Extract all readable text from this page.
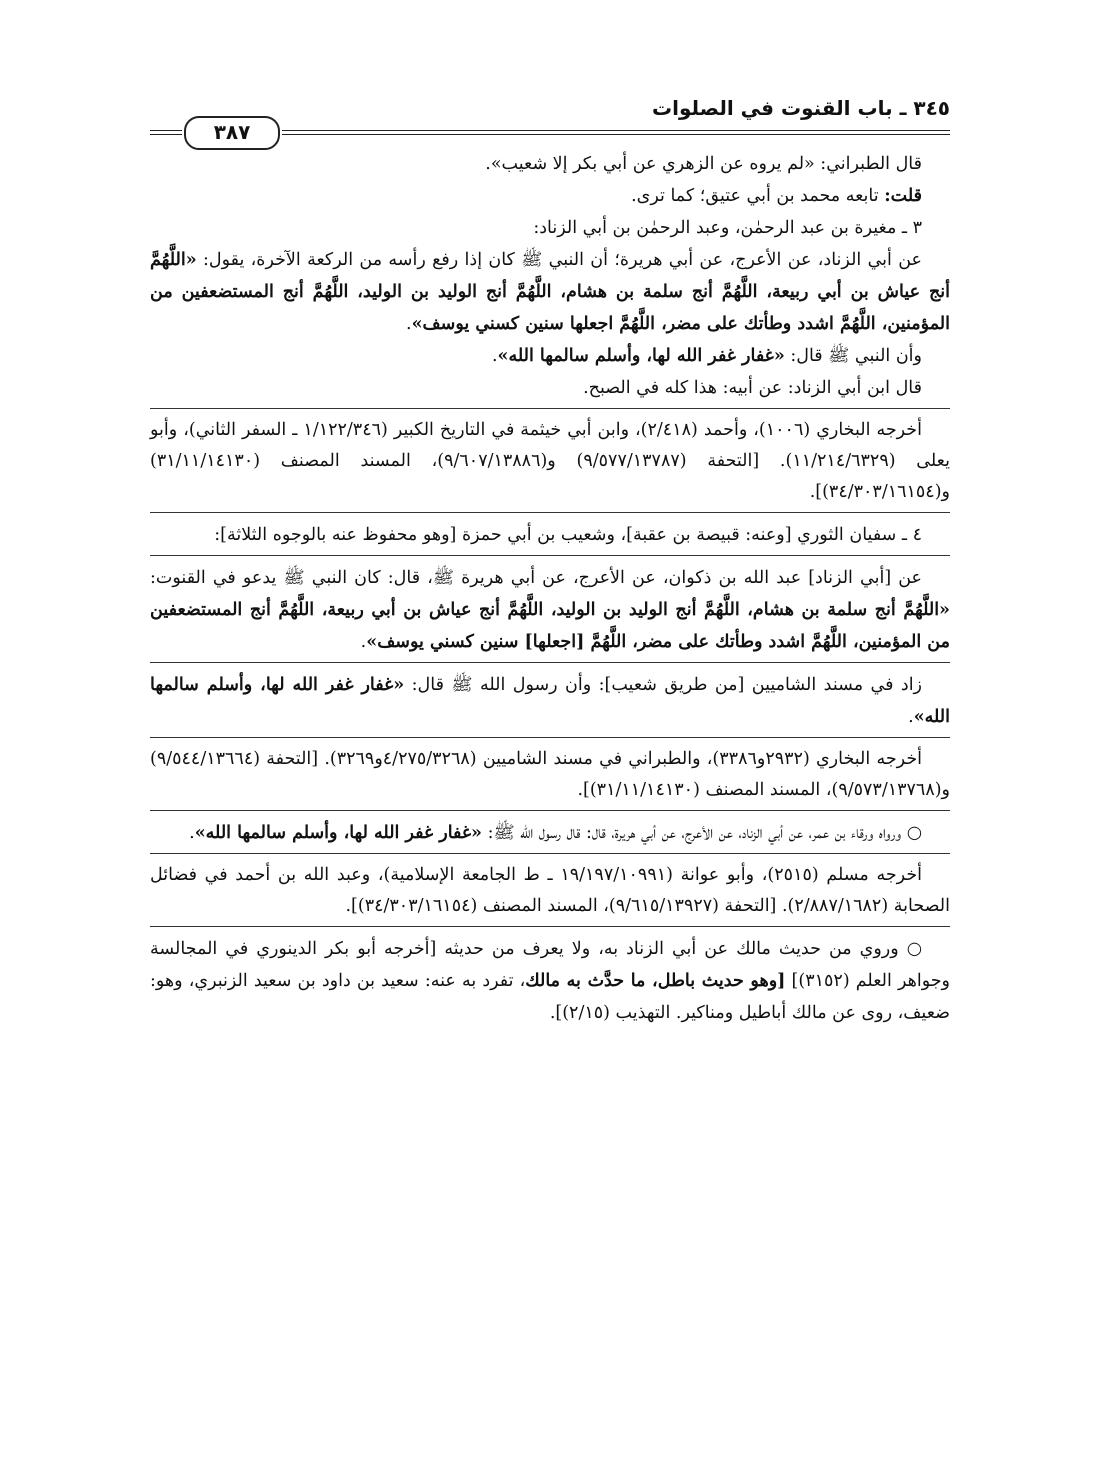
٣٤٥ ـ باب القنوت في الصلوات
٣٨٧

قال الطبراني: «لم يروه عن الزهري عن أبي بكر إلا شعيب».

قلت: تابعه محمد بن أبي عتيق؛ كما ترى.

٣ ـ مغيرة بن عبد الرحمٰن، وعبد الرحمٰن بن أبي الزناد:

عن أبي الزناد، عن الأعرج، عن أبي هريرة؛ أن النبي ﷺ كان إذا رفع رأسه من الركعة الآخرة، يقول: «اللَّهُمَّ أنج عياش بن أبي ربيعة، اللَّهُمَّ أنج سلمة بن هشام، اللَّهُمَّ أنج الوليد بن الوليد، اللَّهُمَّ أنج المستضعفين من المؤمنين، اللَّهُمَّ اشدد وطأتك على مضر، اللَّهُمَّ اجعلها سنين كسني يوسف».

وأن النبي ﷺ قال: «غفار غفر الله لها، وأسلم سالمها الله».

قال ابن أبي الزناد: عن أبيه: هذا كله في الصبح.

أخرجه البخاري (١٠٠٦)، وأحمد (٢/٤١٨)، وابن أبي خيثمة في التاريخ الكبير (١/١٢٢/٣٤٦ ـ السفر الثاني)، وأبو يعلى (١١/٢١٤/٦٣٢٩). [التحفة (٩/٥٧٧/١٣٧٨٧) و(٩/٦٠٧/١٣٨٨٦)، المسند المصنف (٣١/١١/١٤١٣٠) و(٣٤/٣٠٣/١٦١٥٤)].

٤ ـ سفيان الثوري [وعنه: قبيصة بن عقبة]، وشعيب بن أبي حمزة [وهو محفوظ عنه بالوجوه الثلاثة]:

عن [أبي الزناد] عبد الله بن ذكوان، عن الأعرج، عن أبي هريرة ﷺ، قال: كان النبي ﷺ يدعو في القنوت: «اللَّهُمَّ أنج سلمة بن هشام، اللَّهُمَّ أنج الوليد بن الوليد، اللَّهُمَّ أنج عياش بن أبي ربيعة، اللَّهُمَّ أنج المستضعفين من المؤمنين، اللَّهُمَّ اشدد وطأتك على مضر، اللَّهُمَّ [اجعلها] سنين كسني يوسف».

زاد في مسند الشاميين [من طريق شعيب]: وأن رسول الله ﷺ قال: «غفار غفر الله لها، وأسلم سالمها الله».

أخرجه البخاري (٢٩٣٢و٣٣٨٦)، والطبراني في مسند الشاميين (٤/٢٧٥/٣٢٦٨و٣٢٦٩). [التحفة (٩/٥٤٤/١٣٦٦٤) و(٩/٥٧٣/١٣٧٦٨)، المسند المصنف (٣١/١١/١٤١٣٠)].

○ ورواه ورقاء بن عمر، عن أبي الزناد، عن الأعرج، عن أبي هريرة، قال: قال رسول الله ﷺ: «غفار غفر الله لها، وأسلم سالمها الله».

أخرجه مسلم (٢٥١٥)، وأبو عوانة (١٩/١٩٧/١٠٩٩١ ـ ط الجامعة الإسلامية)، وعبد الله بن أحمد في فضائل الصحابة (٢/٨٨٧/١٦٨٢). [التحفة (٩/٦١٥/١٣٩٢٧)، المسند المصنف (٣٤/٣٠٣/١٦١٥٤)].

○ وروي من حديث مالك عن أبي الزناد به، ولا يعرف من حديثه [أخرجه أبو بكر الدينوري في المجالسة وجواهر العلم (٣١٥٢)] [وهو حديث باطل، ما حدَّث به مالك، تفرد به عنه: سعيد بن داود بن سعيد الزنبري، وهو: ضعيف، روى عن مالك أباطيل ومناكير. التهذيب (٢/١٥)].
